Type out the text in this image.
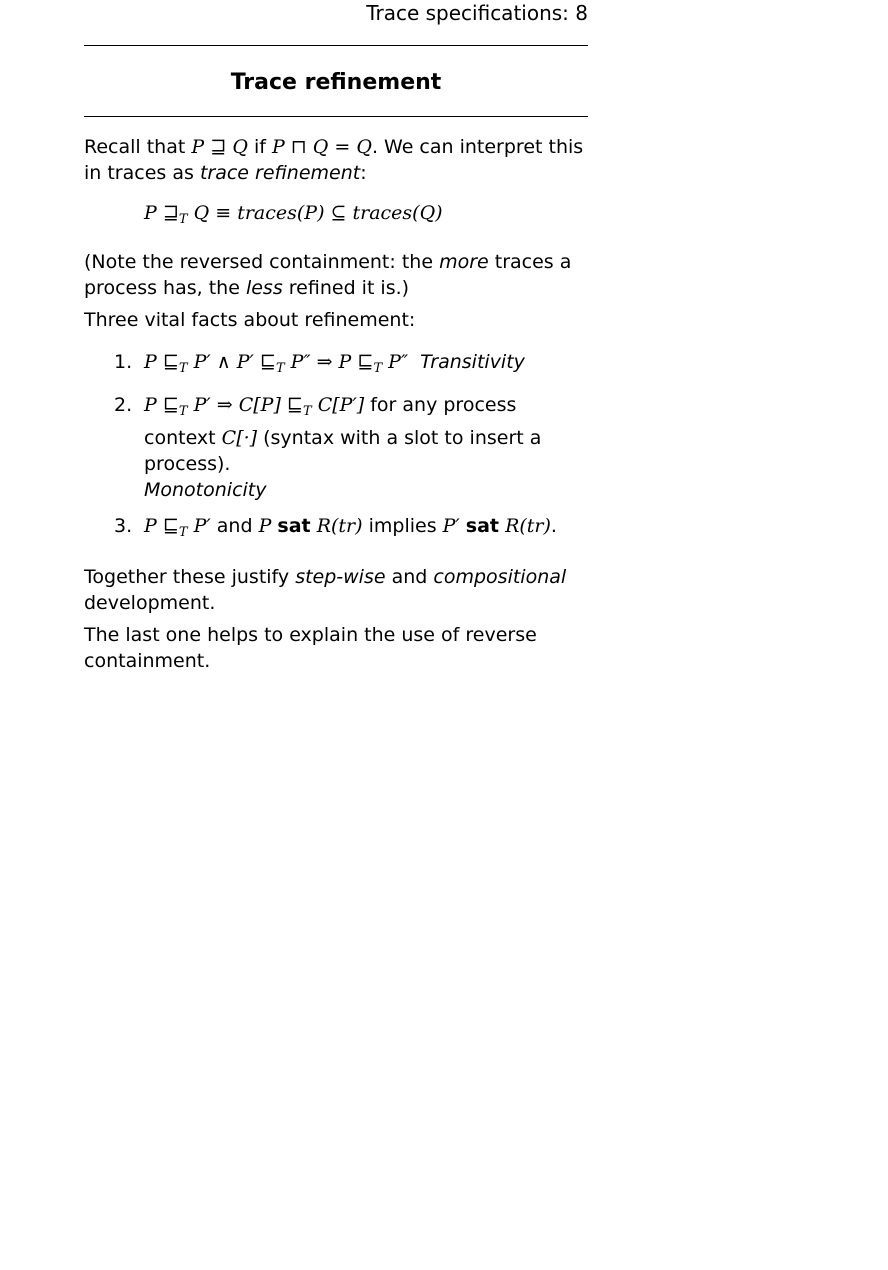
Trace specifications: 8
Trace refinement

Recall that P ⊒ Q if P ⊓ Q = Q. We can interpret this in traces as trace refinement:

P $⊒_T$ Q ≡ traces(P) ⊆ traces(Q)

(Note the reversed containment: the more traces a process has, the less refined it is.)

Three vital facts about refinement:

1. P $⊑_T$ P′ ∧ P′ $⊑_T$ P″ ⇒ P $⊑_T$ P″ Transitivity
2. P $⊑_T$ P′ ⇒ C[P] $⊑_T$ C[P′] for any process context C[·] (syntax with a slot to insert a process).
Monotonicity
3. P $⊑_T$ P′ and P sat R(tr) implies P′ sat R(tr).

Together these justify step-wise and compositional
development.

The last one helps to explain the use of reverse containment.
